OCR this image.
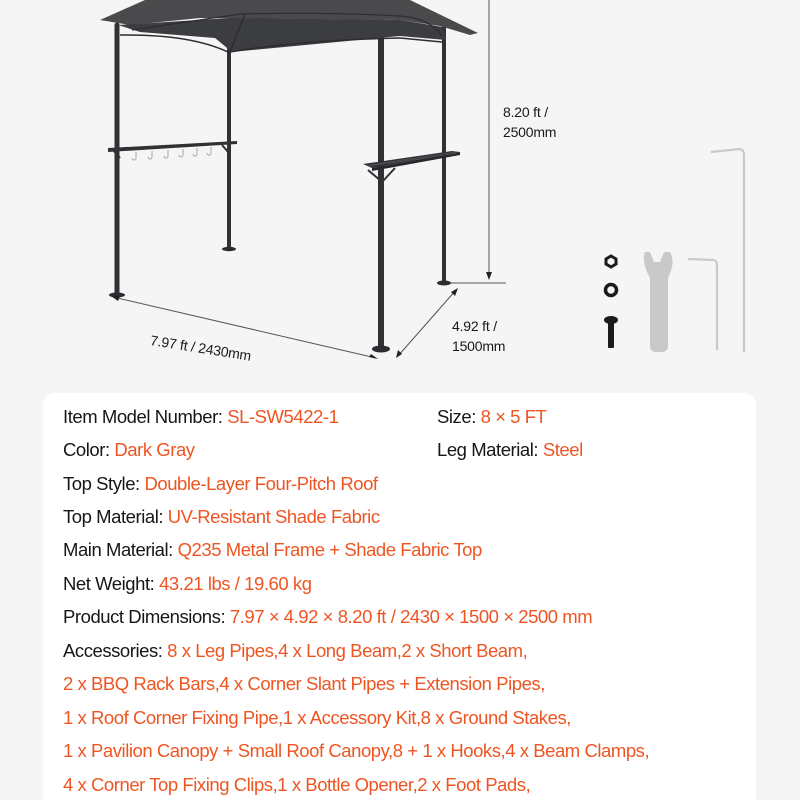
8.20 ft /
2500mm
4.92 ft /
1500mm
7.97 ft / 2430mm
Item Model Number: SL-SW5422-1	Size: 8 × 5 FT
Color: Dark Gray	Leg Material: Steel
Top Style: Double-Layer Four-Pitch Roof
Top Material: UV-Resistant Shade Fabric
Main Material: Q235 Metal Frame + Shade Fabric Top
Net Weight: 43.21 lbs / 19.60 kg
Product Dimensions: 7.97 × 4.92 × 8.20 ft / 2430 × 1500 × 2500 mm
Accessories: 8 x Leg Pipes,4 x Long Beam,2 x Short Beam,
2 x BBQ Rack Bars,4 x Corner Slant Pipes + Extension Pipes,
1 x Roof Corner Fixing Pipe,1 x Accessory Kit,8 x Ground Stakes,
1 x Pavilion Canopy + Small Roof Canopy,8 + 1 x Hooks,4 x Beam Clamps,
4 x Corner Top Fixing Clips,1 x Bottle Opener,2 x Foot Pads,
